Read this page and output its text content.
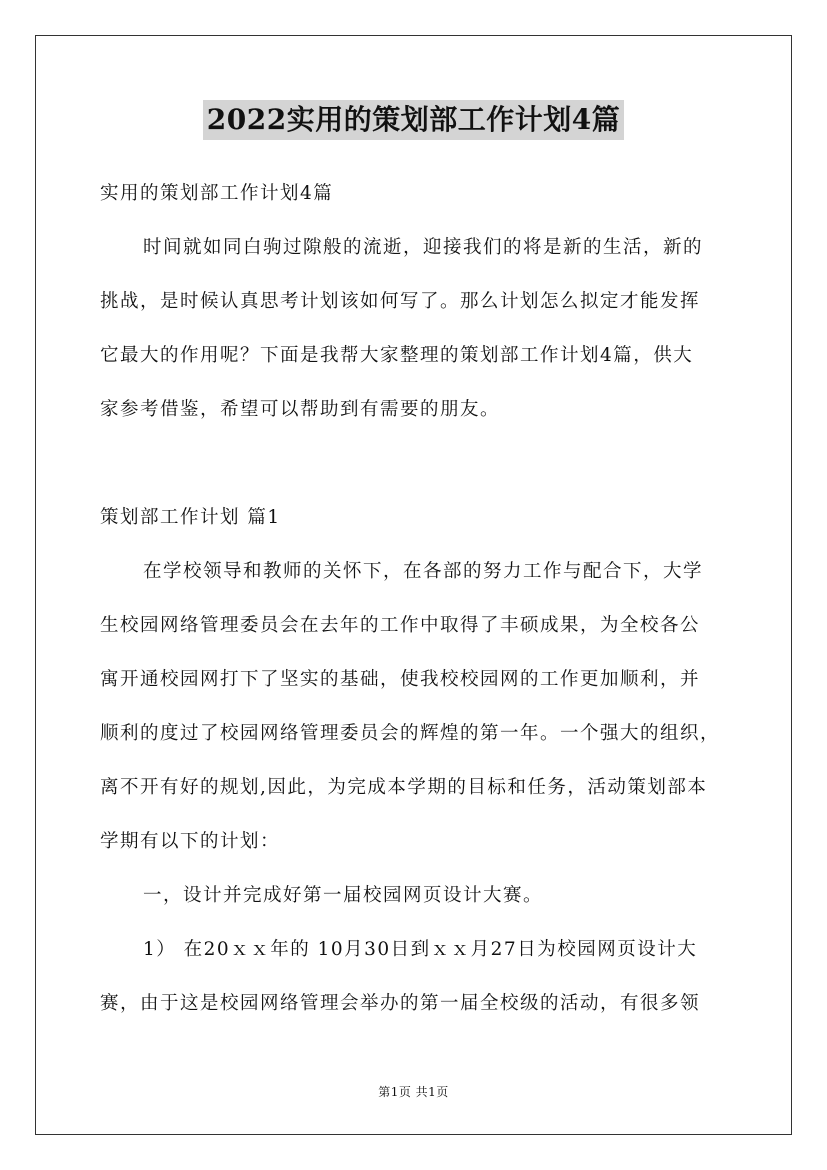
2022实用的策划部工作计划4篇
实用的策划部工作计划4篇
时间就如同白驹过隙般的流逝，迎接我们的将是新的生活，新的
挑战，是时候认真思考计划该如何写了。那么计划怎么拟定才能发挥
它最大的作用呢？下面是我帮大家整理的策划部工作计划4篇，供大
家参考借鉴，希望可以帮助到有需要的朋友。
策划部工作计划 篇1
在学校领导和教师的关怀下，在各部的努力工作与配合下，大学
生校园网络管理委员会在去年的工作中取得了丰硕成果，为全校各公
寓开通校园网打下了坚实的基础，使我校校园网的工作更加顺利，并
顺利的度过了校园网络管理委员会的辉煌的第一年。一个强大的组织，
离不开有好的规划,因此，为完成本学期的目标和任务，活动策划部本
学期有以下的计划：
一，设计并完成好第一届校园网页设计大赛。
1） 在20ｘｘ年的 10月30日到ｘｘ月27日为校园网页设计大
赛，由于这是校园网络管理会举办的第一届全校级的活动，有很多领
第1页 共1页
